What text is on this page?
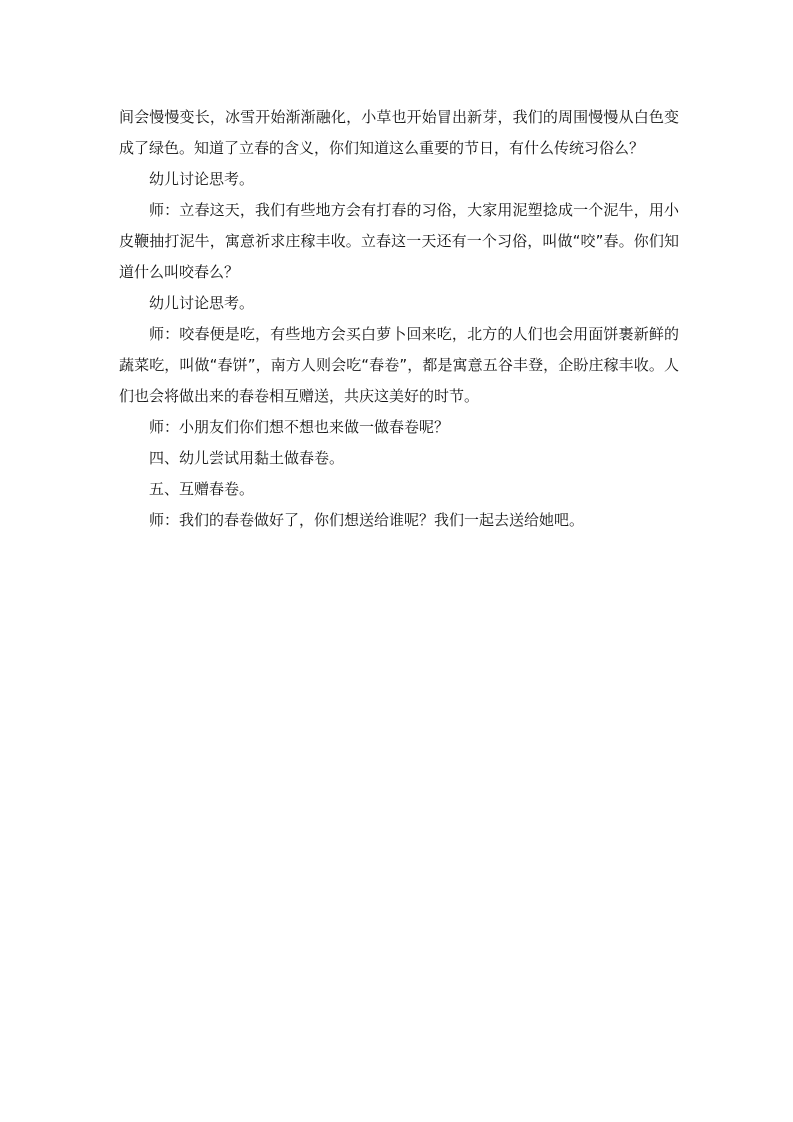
间会慢慢变长，冰雪开始渐渐融化，小草也开始冒出新芽，我们的周围慢慢从白色变成了绿色。知道了立春的含义，你们知道这么重要的节日，有什么传统习俗么？

幼儿讨论思考。

师：立春这天，我们有些地方会有打春的习俗，大家用泥塑捻成一个泥牛，用小皮鞭抽打泥牛，寓意祈求庄稼丰收。立春这一天还有一个习俗，叫做“咬”春。你们知道什么叫咬春么？

幼儿讨论思考。

师：咬春便是吃，有些地方会买白萝卜回来吃，北方的人们也会用面饼裹新鲜的蔬菜吃，叫做“春饼”，南方人则会吃“春卷”，都是寓意五谷丰登，企盼庄稼丰收。人们也会将做出来的春卷相互赠送，共庆这美好的时节。

师：小朋友们你们想不想也来做一做春卷呢？

四、幼儿尝试用黏土做春卷。

五、互赠春卷。

师：我们的春卷做好了，你们想送给谁呢？我们一起去送给她吧。
